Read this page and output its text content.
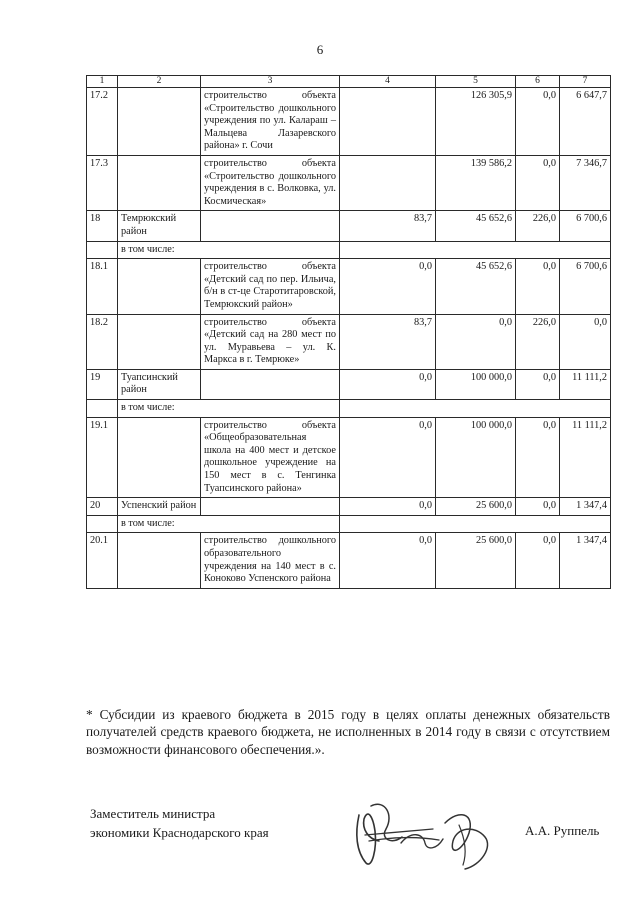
6
1	2	3	4	5	6	7
17.2		строительство объекта «Строительство дошкольного учреждения по ул. Калараш – Мальцева Лазаревского района» г. Сочи		126 305,9	0,0	6 647,7
17.3		строительство объекта «Строительство дошкольного учреждения в с. Волковка, ул. Космическая»		139 586,2	0,0	7 346,7
18	Темрюкский район		83,7	45 652,6	226,0	6 700,6
	в том числе:					
18.1		строительство объекта «Детский сад по пер. Ильича, б/н в ст-це Старотитаровской, Темрюкский район»	0,0	45 652,6	0,0	6 700,6
18.2		строительство объекта «Детский сад на 280 мест по ул. Муравьева – ул. К. Маркса в г. Темрюке»	83,7	0,0	226,0	0,0
19	Туапсинский район		0,0	100 000,0	0,0	11 111,2
	в том числе:					
19.1		строительство объекта «Общеобразовательная школа на 400 мест и детское дошкольное учреждение на 150 мест в с. Тенгинка Туапсинского района»	0,0	100 000,0	0,0	11 111,2
20	Успенский район		0,0	25 600,0	0,0	1 347,4
	в том числе:					
20.1		строительство дошкольного образовательного учреждения на 140 мест в с. Коноково Успенского района	0,0	25 600,0	0,0	1 347,4
* Субсидии из краевого бюджета в 2015 году в целях оплаты денежных обязательств получателей средств краевого бюджета, не исполненных в 2014 году в связи с отсутствием возможности финансового обеспечения.».
Заместитель министра
экономики Краснодарского края	А.А. Руппель
